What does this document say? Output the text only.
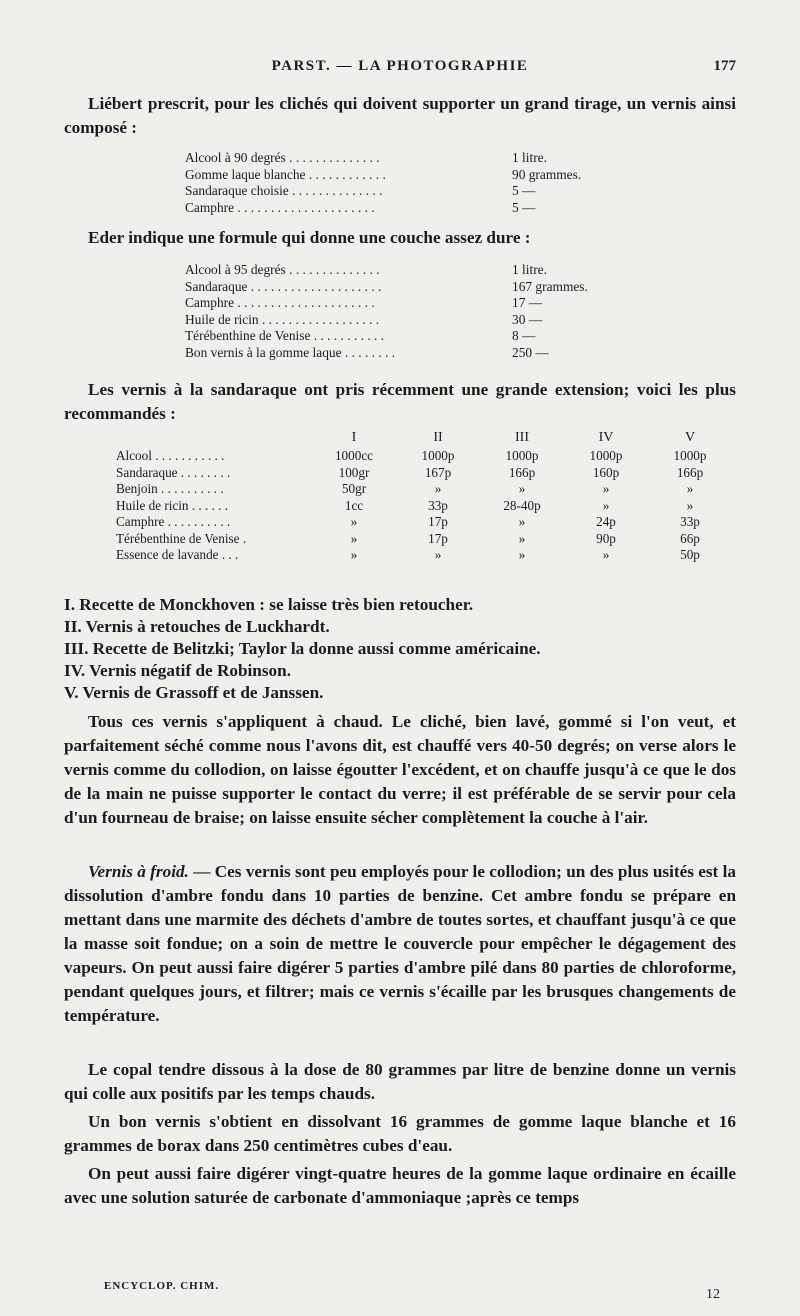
PARST. — LA PHOTOGRAPHIE	177

Liébert prescrit, pour les clichés qui doivent supporter un grand tirage, un vernis ainsi composé :

Alcool à 90 degrés . . . . . . . . . . . . . .	1 litre.
Gomme laque blanche . . . . . . . . . . . .	90 grammes.
Sandaraque choisie . . . . . . . . . . . . . .	5 —
Camphre . . . . . . . . . . . . . . . . . . . . .	5 —

Eder indique une formule qui donne une couche assez dure :

Alcool à 95 degrés . . . . . . . . . . . . . .	1 litre.
Sandaraque . . . . . . . . . . . . . . . . . . . .	167 grammes.
Camphre . . . . . . . . . . . . . . . . . . . . .	17 —
Huile de ricin . . . . . . . . . . . . . . . . . .	30 —
Térébenthine de Venise . . . . . . . . . . .	8 —
Bon vernis à la gomme laque . . . . . . . .	250 —

Les vernis à la sandaraque ont pris récemment une grande extension; voici les plus recommandés :

	I	II	III	IV	V
Alcool . . . . . . . . . . .	1000cc	1000p	1000p	1000p	1000p
Sandaraque . . . . . . . .	100gr	167p	166p	160p	166p
Benjoin . . . . . . . . . .	50gr	»	»	»	»
Huile de ricin . . . . . .	1cc	33p	28-40p	»	»
Camphre . . . . . . . . . .	»	17p	»	24p	33p
Térébenthine de Venise .	»	17p	»	90p	66p
Essence de lavande . . .	»	»	»	»	50p
I. Recette de Monckhoven : se laisse très bien retoucher.
II. Vernis à retouches de Luckhardt.
III. Recette de Belitzki; Taylor la donne aussi comme américaine.
IV. Vernis négatif de Robinson.
V. Vernis de Grassoff et de Janssen.

Tous ces vernis s'appliquent à chaud. Le cliché, bien lavé, gommé si l'on veut, et parfaitement séché comme nous l'avons dit, est chauffé vers 40-50 degrés; on verse alors le vernis comme du collodion, on laisse égoutter l'excédent, et on chauffe jusqu'à ce que le dos de la main ne puisse supporter le contact du verre; il est préférable de se servir pour cela d'un fourneau de braise; on laisse ensuite sécher complètement la couche à l'air.

Vernis à froid. — Ces vernis sont peu employés pour le collodion; un des plus usités est la dissolution d'ambre fondu dans 10 parties de benzine. Cet ambre fondu se prépare en mettant dans une marmite des déchets d'ambre de toutes sortes, et chauffant jusqu'à ce que la masse soit fondue; on a soin de mettre le couvercle pour empêcher le dégagement des vapeurs. On peut aussi faire digérer 5 parties d'ambre pilé dans 80 parties de chloroforme, pendant quelques jours, et filtrer; mais ce vernis s'écaille par les brusques changements de température.

Le copal tendre dissous à la dose de 80 grammes par litre de benzine donne un vernis qui colle aux positifs par les temps chauds.

Un bon vernis s'obtient en dissolvant 16 grammes de gomme laque blanche et 16 grammes de borax dans 250 centimètres cubes d'eau.

On peut aussi faire digérer vingt-quatre heures de la gomme laque ordinaire en écaille avec une solution saturée de carbonate d'ammoniaque ;après ce temps

ENCYCLOP. CHIM.
12
